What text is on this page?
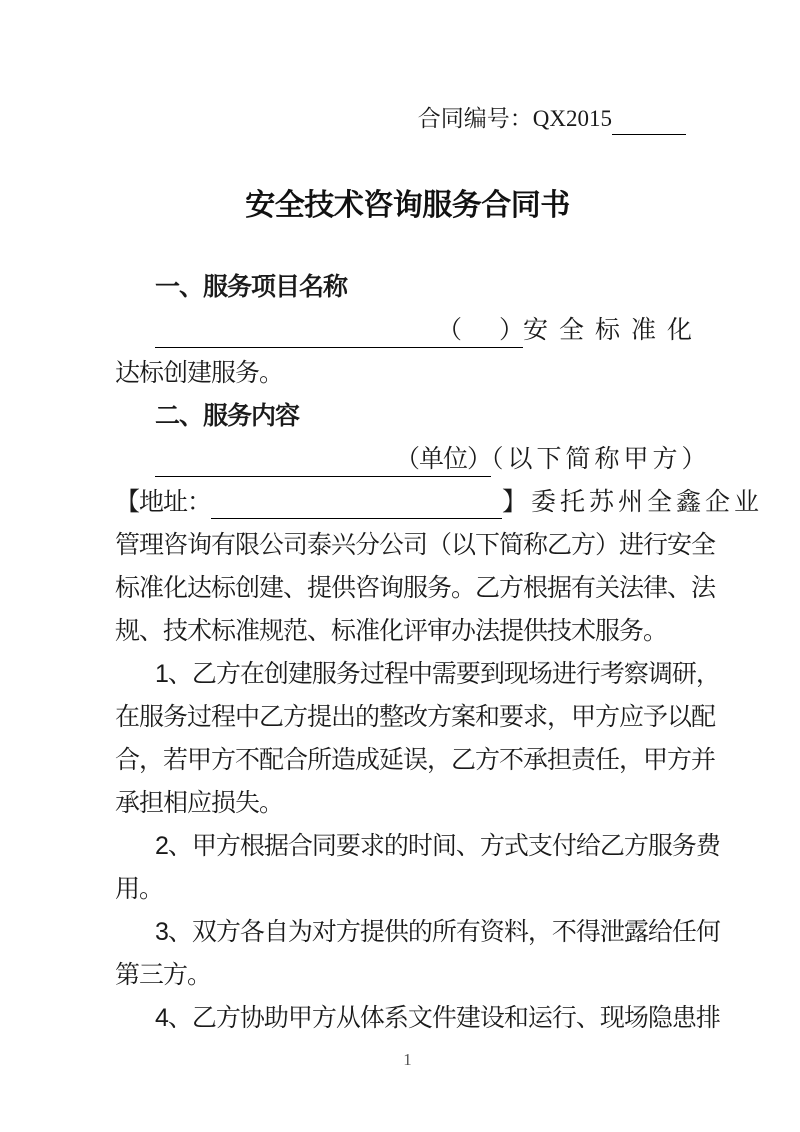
合同编号：QX2015
安全技术咨询服务合同书
一、服务项目名称
（ ）安全标准化
达标创建服务。
二、服务内容
（单位）（以下简称甲方）
【地址：	】委托苏州全鑫企业
管理咨询有限公司泰兴分公司（以下简称乙方）进行安全
标准化达标创建、提供咨询服务。乙方根据有关法律、法
规、技术标准规范、标准化评审办法提供技术服务。
1、乙方在创建服务过程中需要到现场进行考察调研，
在服务过程中乙方提出的整改方案和要求，甲方应予以配
合，若甲方不配合所造成延误，乙方不承担责任，甲方并
承担相应损失。
2、甲方根据合同要求的时间、方式支付给乙方服务费
用。
3、双方各自为对方提供的所有资料，不得泄露给任何
第三方。
4、乙方协助甲方从体系文件建设和运行、现场隐患排
1
